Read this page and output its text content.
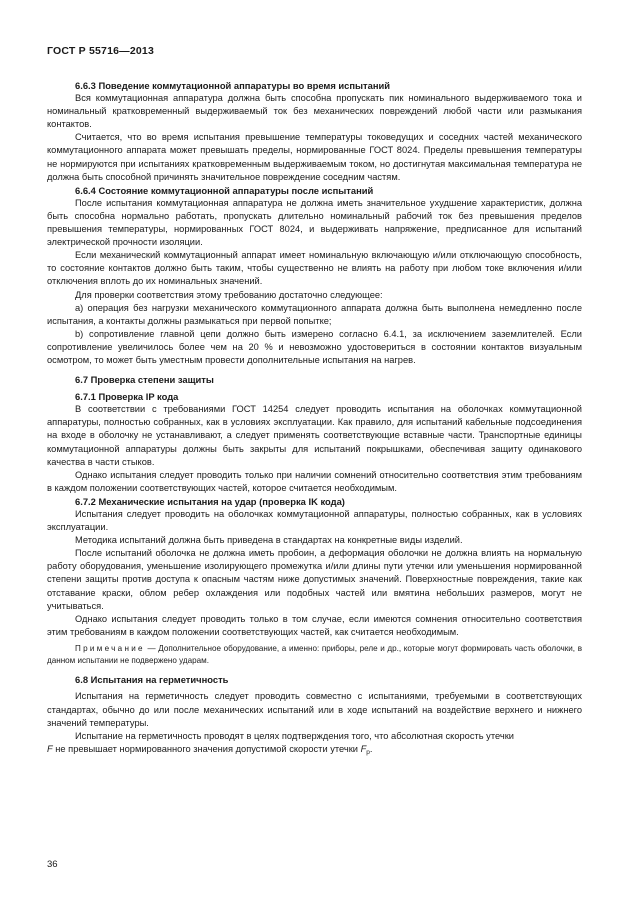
ГОСТ Р 55716—2013
6.6.3 Поведение коммутационной аппаратуры во время испытаний

Вся коммутационная аппаратура должна быть способна пропускать пик номинального выдерживаемого тока и номинальный кратковременный выдерживаемый ток без механических повреждений любой части или размыкания контактов.

Считается, что во время испытания превышение температуры токоведущих и соседних частей механического коммутационного аппарата может превышать пределы, нормированные ГОСТ 8024. Пределы превышения температуры не нормируются при испытаниях кратковременным выдерживаемым током, но достигнутая максимальная температура не должна быть способной причинять значительное повреждение соседним частям.

6.6.4 Состояние коммутационной аппаратуры после испытаний

После испытания коммутационная аппаратура не должна иметь значительное ухудшение характеристик, должна быть способна нормально работать, пропускать длительно номинальный рабочий ток без превышения пределов превышения температуры, нормированных ГОСТ 8024, и выдерживать напряжение, предписанное для испытаний электрической прочности изоляции.

Если механический коммутационный аппарат имеет номинальную включающую и/или отключающую способность, то состояние контактов должно быть таким, чтобы существенно не влиять на работу при любом токе включения и/или отключения вплоть до их номинальных значений.

Для проверки соответствия этому требованию достаточно следующее:

a) операция без нагрузки механического коммутационного аппарата должна быть выполнена немедленно после испытания, а контакты должны размыкаться при первой попытке;

b) сопротивление главной цепи должно быть измерено согласно 6.4.1, за исключением заземлителей. Если сопротивление увеличилось более чем на 20 % и невозможно удостовериться в состоянии контактов визуальным осмотром, то может быть уместным провести дополнительные испытания на нагрев.

6.7 Проверка степени защиты
6.7.1 Проверка IP кода

В соответствии с требованиями ГОСТ 14254 следует проводить испытания на оболочках коммутационной аппаратуры, полностью собранных, как в условиях эксплуатации. Как правило, для испытаний кабельные подсоединения на входе в оболочку не устанавливают, а следует применять соответствующие вставные части. Транспортные единицы коммутационной аппаратуры должны быть закрыты для испытаний покрышками, обеспечивая защиту одинакового качества в части стыков.

Однако испытания следует проводить только при наличии сомнений относительно соответствия этим требованиям в каждом положении соответствующих частей, которое считается необходимым.

6.7.2 Механические испытания на удар (проверка IK кода)

Испытания следует проводить на оболочках коммутационной аппаратуры, полностью собранных, как в условиях эксплуатации.

Методика испытаний должна быть приведена в стандартах на конкретные виды изделий.

После испытаний оболочка не должна иметь пробоин, а деформация оболочки не должна влиять на нормальную работу оборудования, уменьшение изолирующего промежутка и/или длины пути утечки или уменьшения нормированной степени защиты против доступа к опасным частям ниже допустимых значений. Поверхностные повреждения, такие как отставание краски, облом ребер охлаждения или подобных частей или вмятина небольших размеров, могут не учитываться.

Однако испытания следует проводить только в том случае, если имеются сомнения относительно соответствия этим требованиям в каждом положении соответствующих частей, как считается необходимым.

Примечание — Дополнительное оборудование, а именно: приборы, реле и др., которые могут формировать часть оболочки, в данном испытании не подвержено ударам.

6.8 Испытания на герметичность

Испытания на герметичность следует проводить совместно с испытаниями, требуемыми в соответствующих стандартах, обычно до или после механических испытаний или в ходе испытаний на воздействие верхнего и нижнего значений температуры.

Испытание на герметичность проводят в целях подтверждения того, что абсолютная скорость утечки

F не превышает нормированного значения допустимой скорости утечки $F_p$.

36
